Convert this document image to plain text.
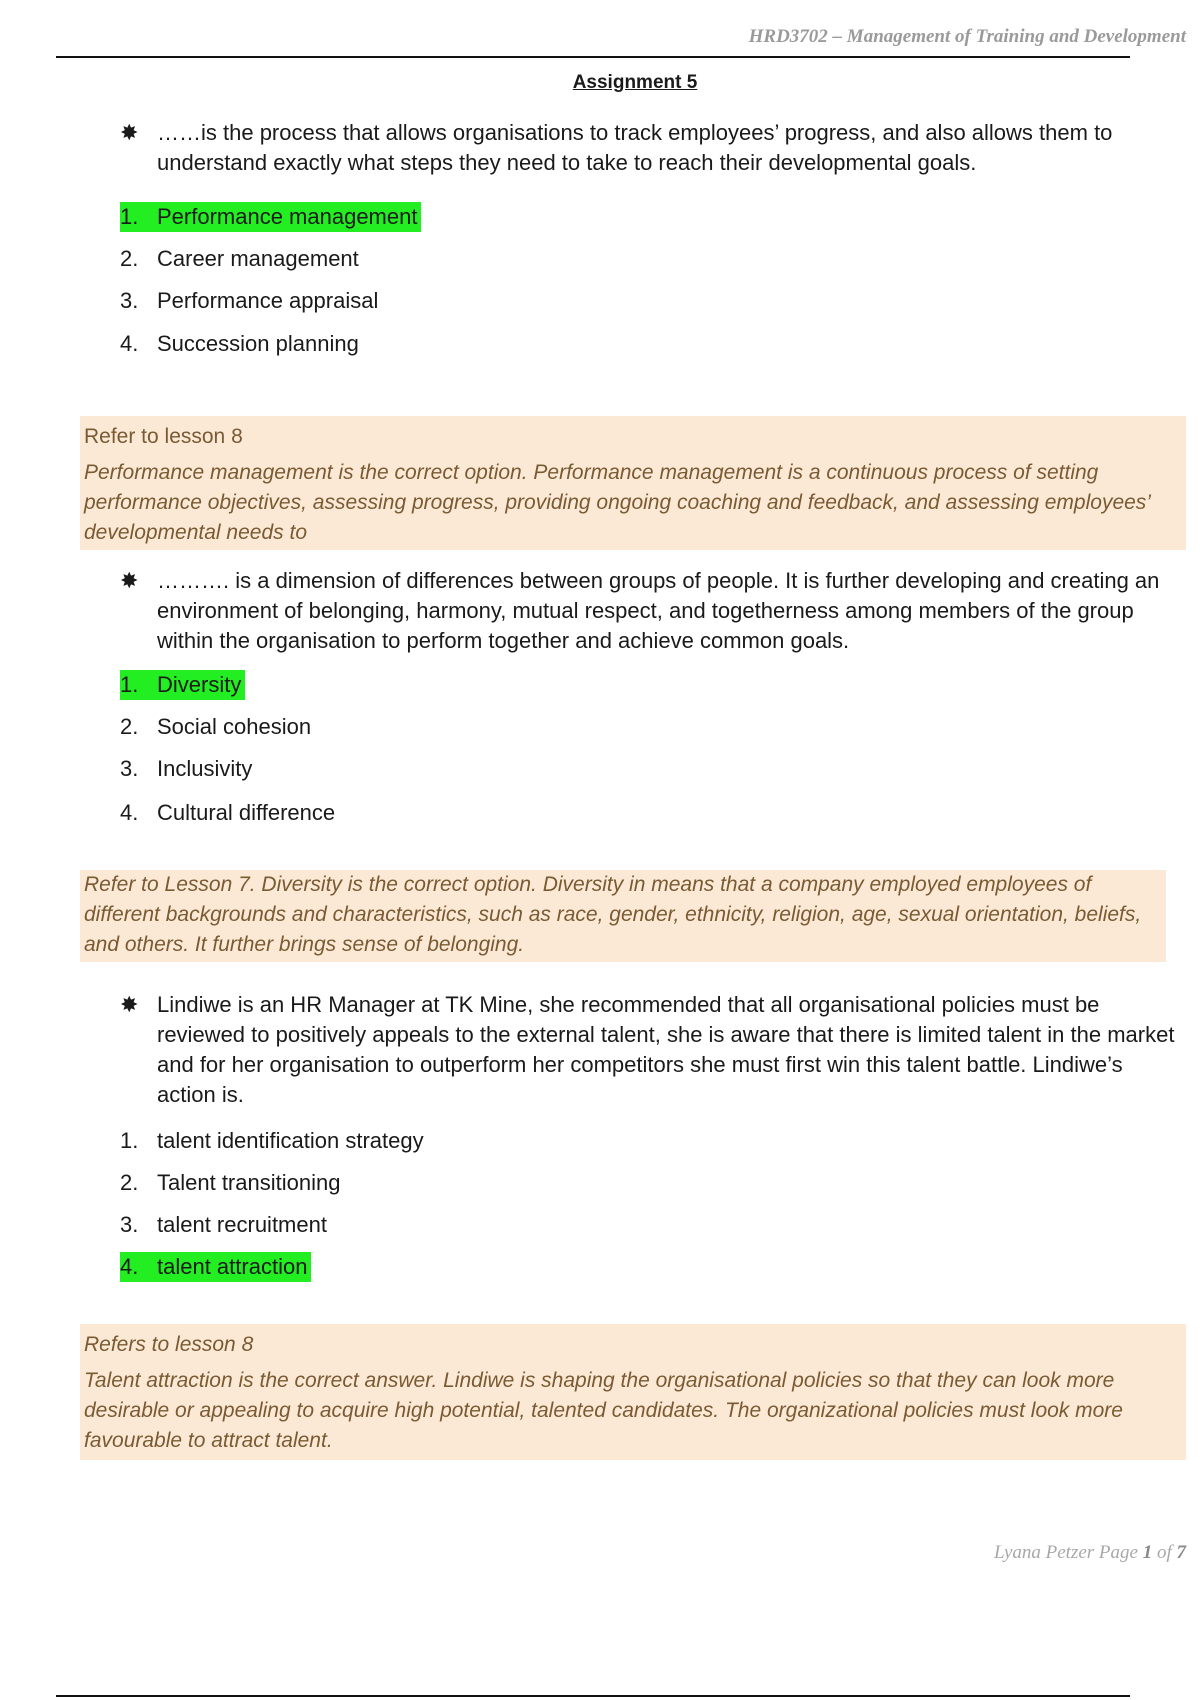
HRD3702 – Management of Training and Development
Assignment 5
✸ ……is the process that allows organisations to track employees’ progress, and also allows them to understand exactly what steps they need to take to reach their developmental goals.
1. Performance management
2. Career management
3. Performance appraisal
4. Succession planning
Refer to lesson 8
Performance management is the correct option. Performance management is a continuous process of setting performance objectives, assessing progress, providing ongoing coaching and feedback, and assessing employees’ developmental needs to
✸ ………. is a dimension of differences between groups of people. It is further developing and creating an environment of belonging, harmony, mutual respect, and togetherness among members of the group within the organisation to perform together and achieve common goals.
1. Diversity
2. Social cohesion
3. Inclusivity
4. Cultural difference
Refer to Lesson 7. Diversity is the correct option. Diversity in means that a company employed employees of different backgrounds and characteristics, such as race, gender, ethnicity, religion, age, sexual orientation, beliefs, and others. It further brings sense of belonging.
✸ Lindiwe is an HR Manager at TK Mine, she recommended that all organisational policies must be reviewed to positively appeals to the external talent, she is aware that there is limited talent in the market and for her organisation to outperform her competitors she must first win this talent battle. Lindiwe’s action is.
1. talent identification strategy
2. Talent transitioning
3. talent recruitment
4. talent attraction
Refers to lesson 8
Talent attraction is the correct answer. Lindiwe is shaping the organisational policies so that they can look more desirable or appealing to acquire high potential, talented candidates. The organizational policies must look more favourable to attract talent.
Lyana Petzer Page 1 of 7
